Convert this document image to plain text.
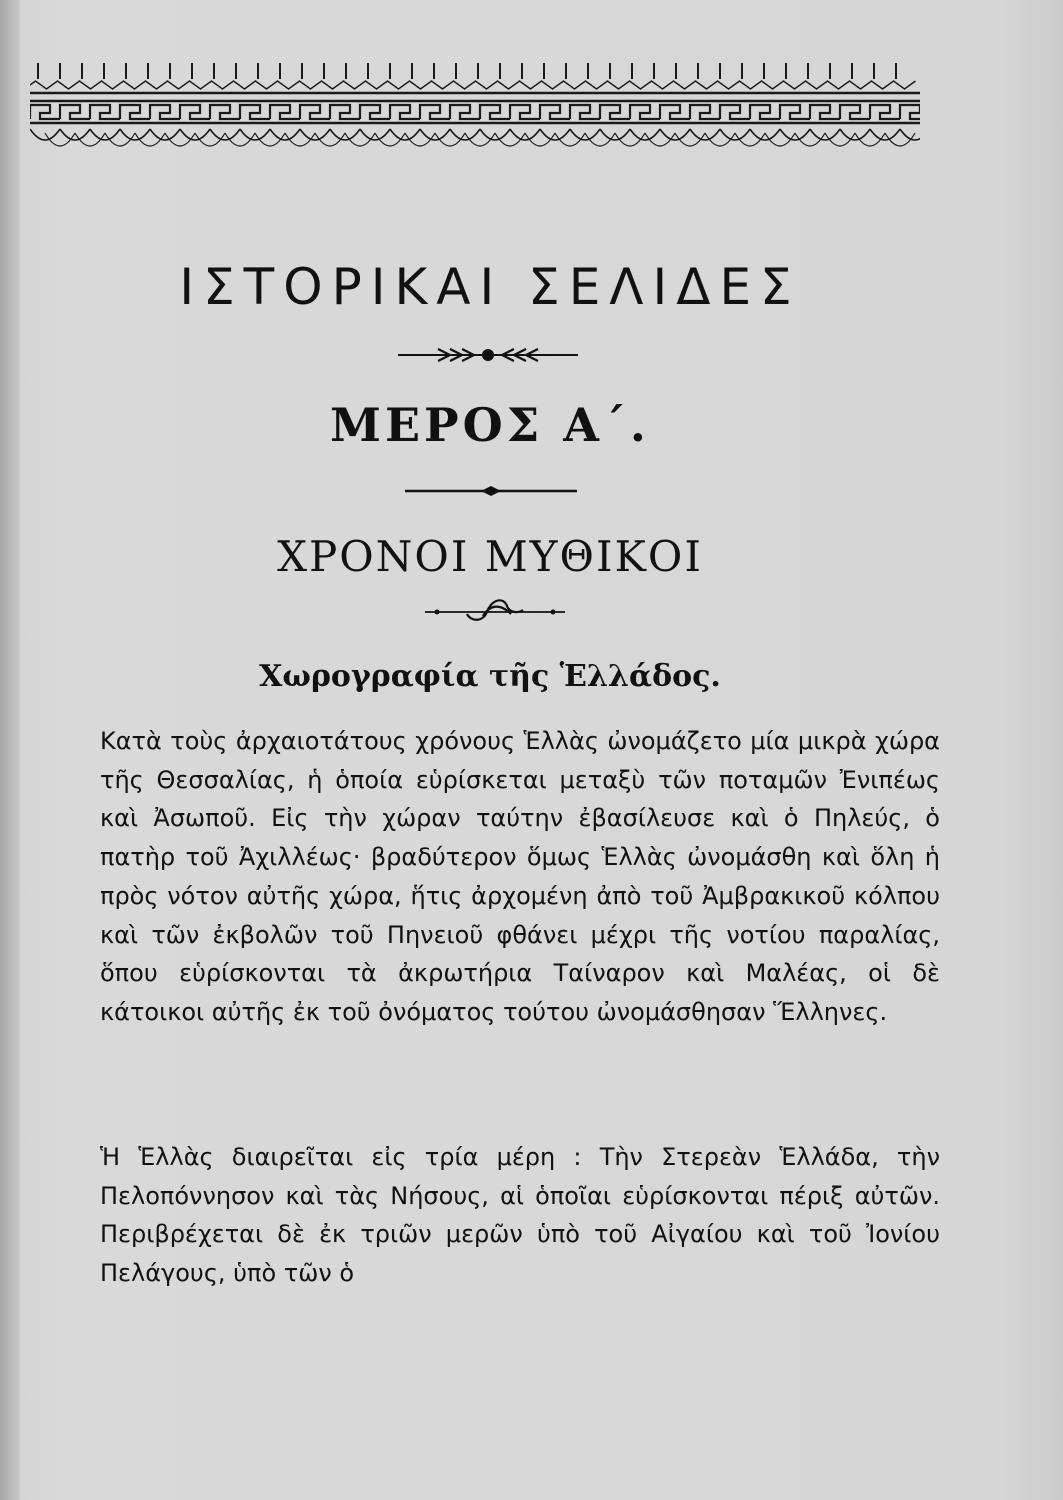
ΙΣΤΟΡΙΚΑΙ ΣΕΛΙΔΕΣ
ΜΕΡΟΣ Α΄.
ΧΡΟΝΟΙ ΜΥΘΙΚΟΙ
Χωρογραφία τῆς Ἑλλάδος.

Κατὰ τοὺς ἀρχαιοτάτους χρόνους Ἑλλὰς ὠνομάζετο μία μικρὰ χώρα τῆς Θεσσαλίας, ἡ ὁποία εὑρίσκεται μεταξὺ τῶν ποταμῶν Ἐνιπέως καὶ Ἀσωποῦ. Εἰς τὴν χώραν ταύτην ἐβασίλευσε καὶ ὁ Πηλεύς, ὁ πατὴρ τοῦ Ἀχιλλέως· βραδύτερον ὅμως Ἑλλὰς ὠνομάσθη καὶ ὅλη ἡ πρὸς νότον αὐτῆς χώρα, ἥτις ἀρχομένη ἀπὸ τοῦ Ἀμβρακικοῦ κόλπου καὶ τῶν ἐκβολῶν τοῦ Πηνειοῦ φθάνει μέχρι τῆς νοτίου παραλίας, ὅπου εὑρίσκονται τὰ ἀκρωτήρια Ταίναρον καὶ Μαλέας, οἱ δὲ κάτοικοι αὐτῆς ἐκ τοῦ ὀνόματος τούτου ὠνομάσθησαν Ἕλληνες.

Ἡ Ἑλλὰς διαιρεῖται εἰς τρία μέρη : Τὴν Στερεὰν Ἑλλάδα, τὴν Πελοπόννησον καὶ τὰς Νήσους, αἱ ὁποῖαι εὑρίσκονται πέριξ αὐτῶν. Περιβρέχεται δὲ ἐκ τριῶν μερῶν ὑπὸ τοῦ Αἰγαίου καὶ τοῦ Ἰονίου Πελάγους, ὑπὸ τῶν ὁ
